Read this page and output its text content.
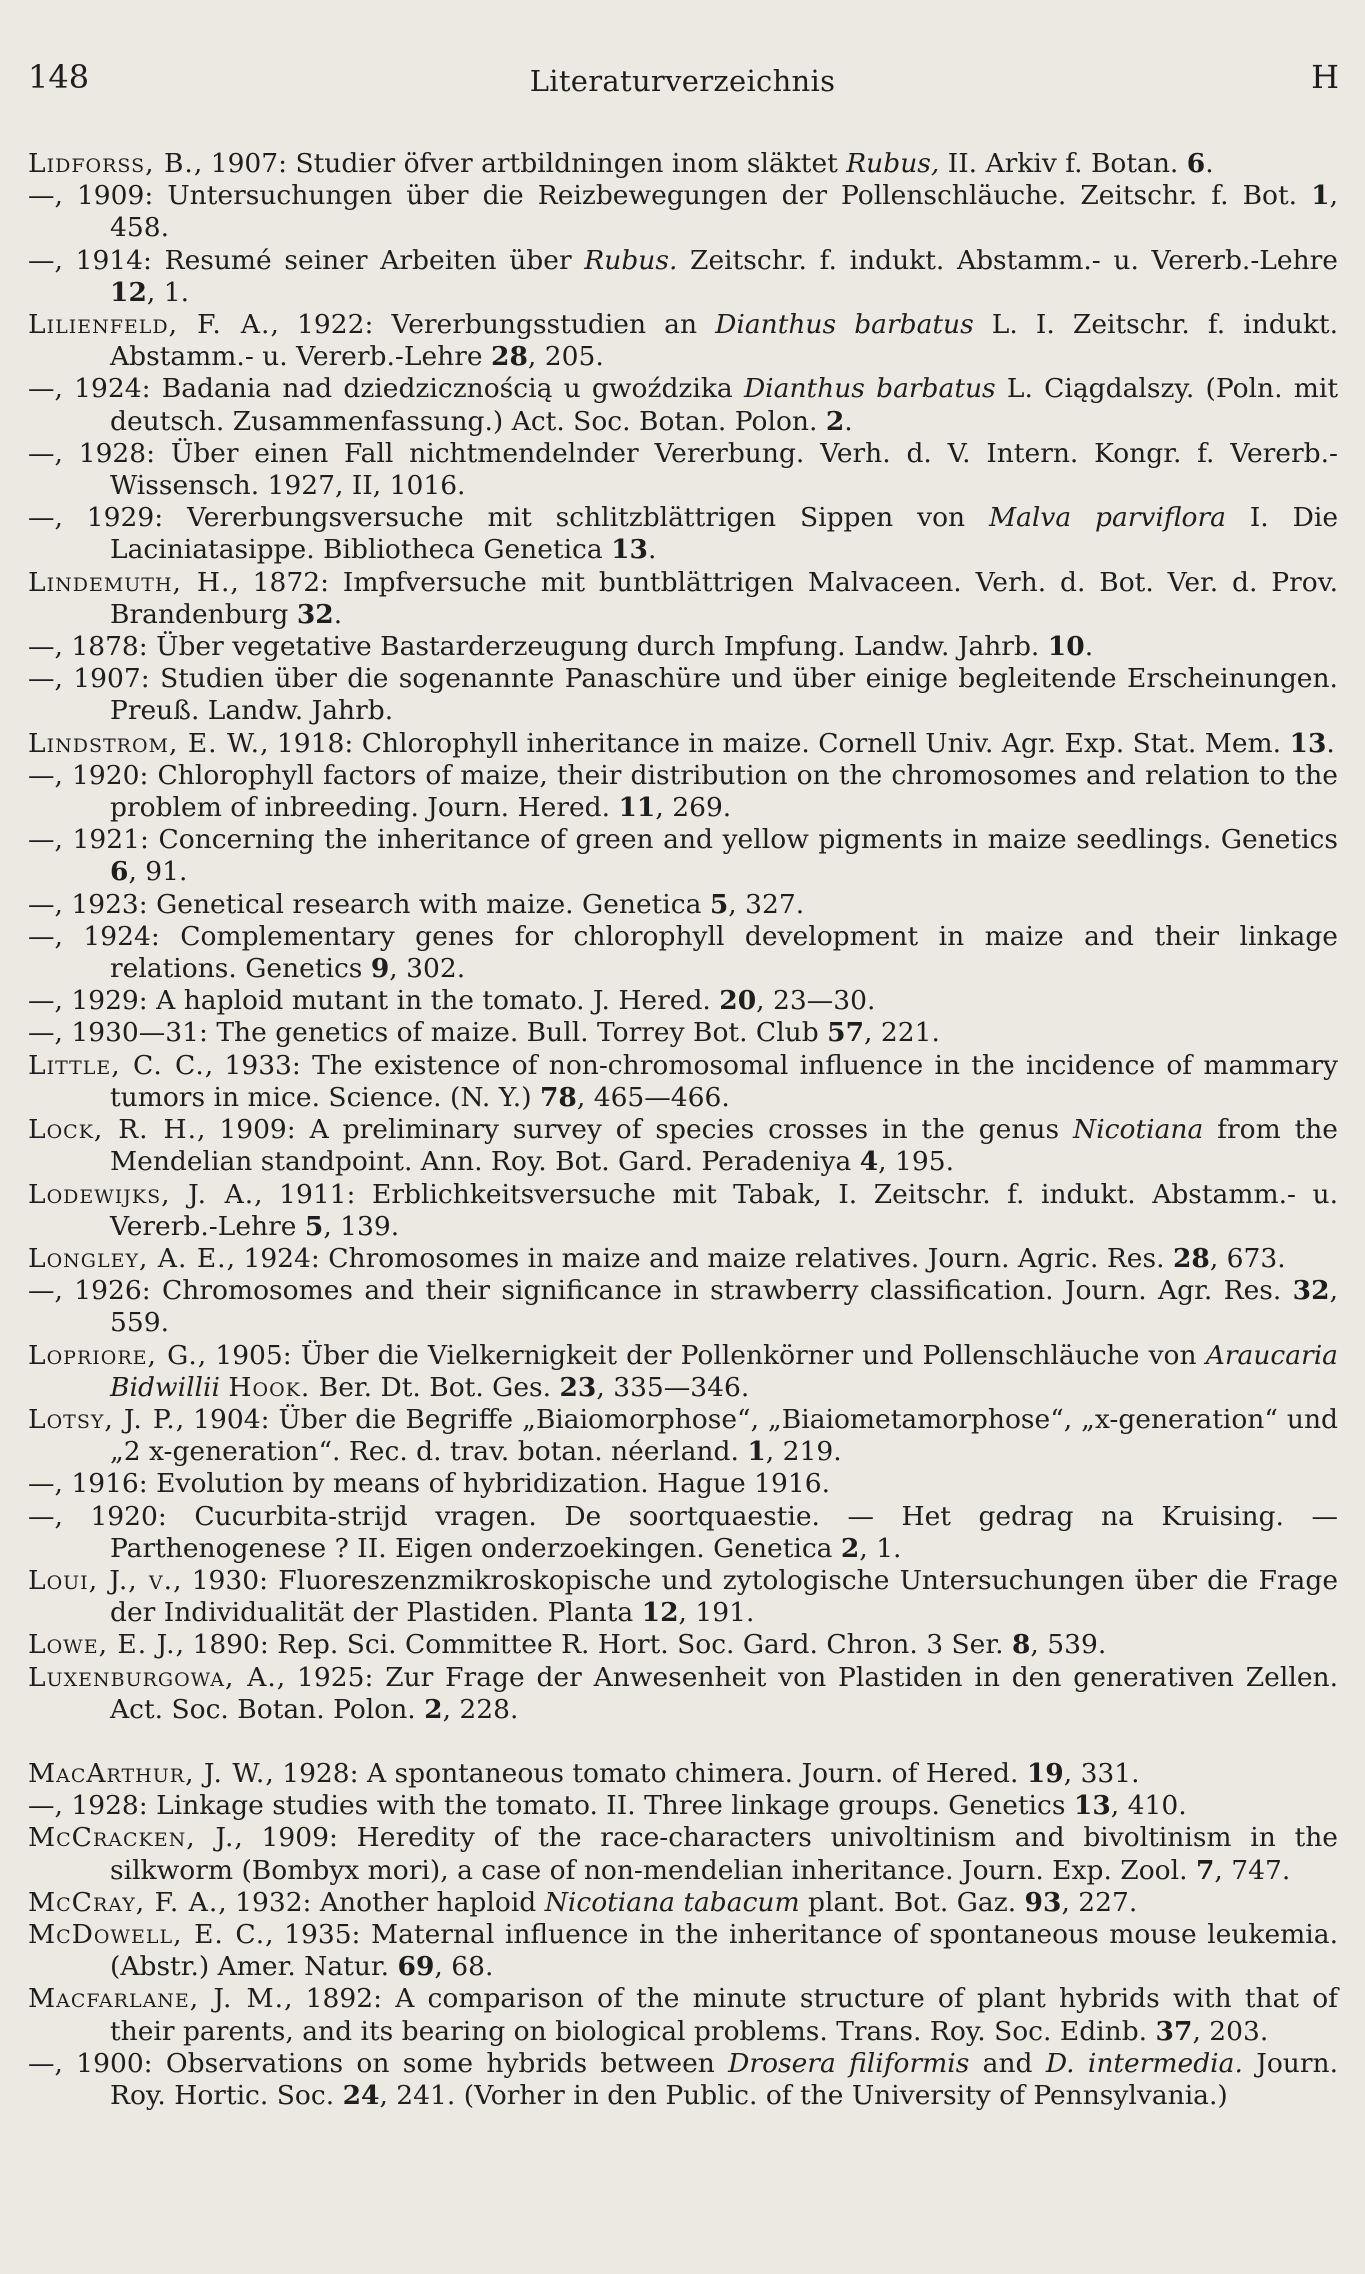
148	Literaturverzeichnis	H
Lidforss, B., 1907: Studier öfver artbildningen inom släktet Rubus, II. Arkiv f. Botan. 6.
—, 1909: Untersuchungen über die Reizbewegungen der Pollenschläuche. Zeitschr. f. Bot. 1, 458.
—, 1914: Resumé seiner Arbeiten über Rubus. Zeitschr. f. indukt. Abstamm.- u. Vererb.-Lehre 12, 1.
Lilienfeld, F. A., 1922: Vererbungsstudien an Dianthus barbatus L. I. Zeitschr. f. indukt. Abstamm.- u. Vererb.-Lehre 28, 205.
—, 1924: Badania nad dziedzicznością u gwoździka Dianthus barbatus L. Ciągdalszy. (Poln. mit deutsch. Zusammenfassung.) Act. Soc. Botan. Polon. 2.
—, 1928: Über einen Fall nichtmendelnder Vererbung. Verh. d. V. Intern. Kongr. f. Vererb.-Wissensch. 1927, II, 1016.
—, 1929: Vererbungsversuche mit schlitzblättrigen Sippen von Malva parviflora I. Die Laciniatasippe. Bibliotheca Genetica 13.
Lindemuth, H., 1872: Impfversuche mit buntblättrigen Malvaceen. Verh. d. Bot. Ver. d. Prov. Brandenburg 32.
—, 1878: Über vegetative Bastarderzeugung durch Impfung. Landw. Jahrb. 10.
—, 1907: Studien über die sogenannte Panaschüre und über einige begleitende Erscheinungen. Preuß. Landw. Jahrb.
Lindstrom, E. W., 1918: Chlorophyll inheritance in maize. Cornell Univ. Agr. Exp. Stat. Mem. 13.
—, 1920: Chlorophyll factors of maize, their distribution on the chromosomes and relation to the problem of inbreeding. Journ. Hered. 11, 269.
—, 1921: Concerning the inheritance of green and yellow pigments in maize seedlings. Genetics 6, 91.
—, 1923: Genetical research with maize. Genetica 5, 327.
—, 1924: Complementary genes for chlorophyll development in maize and their linkage relations. Genetics 9, 302.
—, 1929: A haploid mutant in the tomato. J. Hered. 20, 23—30.
—, 1930—31: The genetics of maize. Bull. Torrey Bot. Club 57, 221.
Little, C. C., 1933: The existence of non-chromosomal influence in the incidence of mammary tumors in mice. Science. (N. Y.) 78, 465—466.
Lock, R. H., 1909: A preliminary survey of species crosses in the genus Nicotiana from the Mendelian standpoint. Ann. Roy. Bot. Gard. Peradeniya 4, 195.
Lodewijks, J. A., 1911: Erblichkeitsversuche mit Tabak, I. Zeitschr. f. indukt. Abstamm.- u. Vererb.-Lehre 5, 139.
Longley, A. E., 1924: Chromosomes in maize and maize relatives. Journ. Agric. Res. 28, 673.
—, 1926: Chromosomes and their significance in strawberry classification. Journ. Agr. Res. 32, 559.
Lopriore, G., 1905: Über die Vielkernigkeit der Pollenkörner und Pollenschläuche von Araucaria Bidwillii Hook. Ber. Dt. Bot. Ges. 23, 335—346.
Lotsy, J. P., 1904: Über die Begriffe „Biaiomorphose“, „Biaiometamorphose“, „x-generation“ und „2 x-generation“. Rec. d. trav. botan. néerland. 1, 219.
—, 1916: Evolution by means of hybridization. Hague 1916.
—, 1920: Cucurbita-strijd vragen. De soortquaestie. — Het gedrag na Kruising. — Parthenogenese ? II. Eigen onderzoekingen. Genetica 2, 1.
Loui, J., v., 1930: Fluoreszenzmikroskopische und zytologische Untersuchungen über die Frage der Individualität der Plastiden. Planta 12, 191.
Lowe, E. J., 1890: Rep. Sci. Committee R. Hort. Soc. Gard. Chron. 3 Ser. 8, 539.
Luxenburgowa, A., 1925: Zur Frage der Anwesenheit von Plastiden in den generativen Zellen. Act. Soc. Botan. Polon. 2, 228.
MacArthur, J. W., 1928: A spontaneous tomato chimera. Journ. of Hered. 19, 331.
—, 1928: Linkage studies with the tomato. II. Three linkage groups. Genetics 13, 410.
McCracken, J., 1909: Heredity of the race-characters univoltinism and bivoltinism in the silkworm (Bombyx mori), a case of non-mendelian inheritance. Journ. Exp. Zool. 7, 747.
McCray, F. A., 1932: Another haploid Nicotiana tabacum plant. Bot. Gaz. 93, 227.
McDowell, E. C., 1935: Maternal influence in the inheritance of spontaneous mouse leukemia. (Abstr.) Amer. Natur. 69, 68.
Macfarlane, J. M., 1892: A comparison of the minute structure of plant hybrids with that of their parents, and its bearing on biological problems. Trans. Roy. Soc. Edinb. 37, 203.
—, 1900: Observations on some hybrids between Drosera filiformis and D. intermedia. Journ. Roy. Hortic. Soc. 24, 241. (Vorher in den Public. of the University of Pennsylvania.)
